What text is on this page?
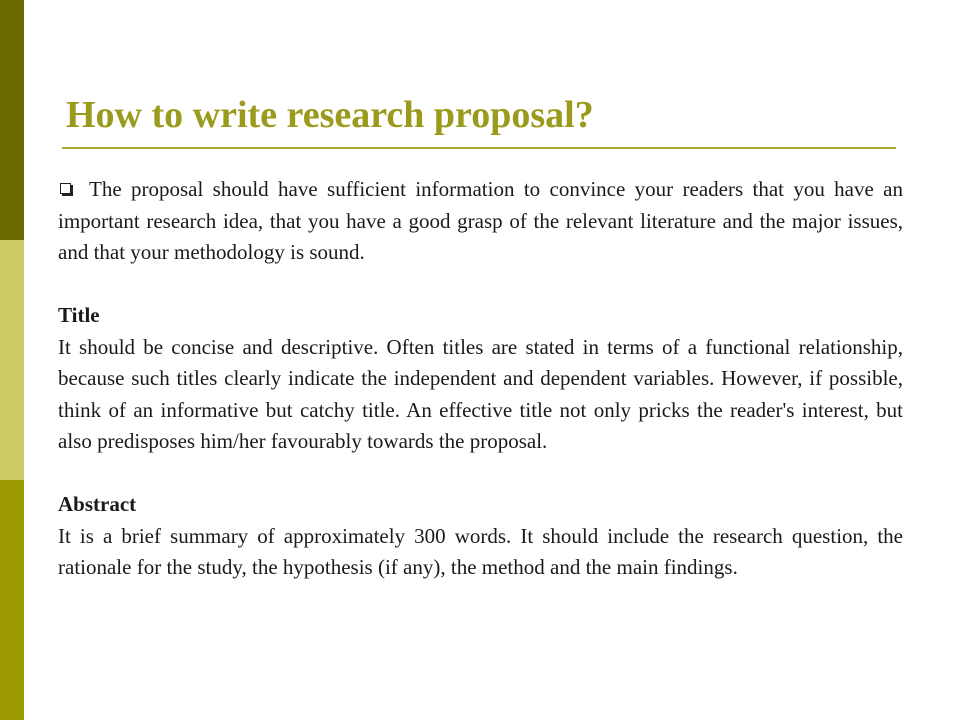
How to write research proposal?

The proposal should have sufficient information to convince your readers that you have an important research idea, that you have a good grasp of the relevant literature and the major issues, and that your methodology is sound.

Title

It should be concise and descriptive. Often titles are stated in terms of a functional relationship, because such titles clearly indicate the independent and dependent variables. However, if possible, think of an informative but catchy title. An effective title not only pricks the reader's interest, but also predisposes him/her favourably towards the proposal.

Abstract

It is a brief summary of approximately 300 words. It should include the research question, the rationale for the study, the hypothesis (if any), the method and the main findings.
